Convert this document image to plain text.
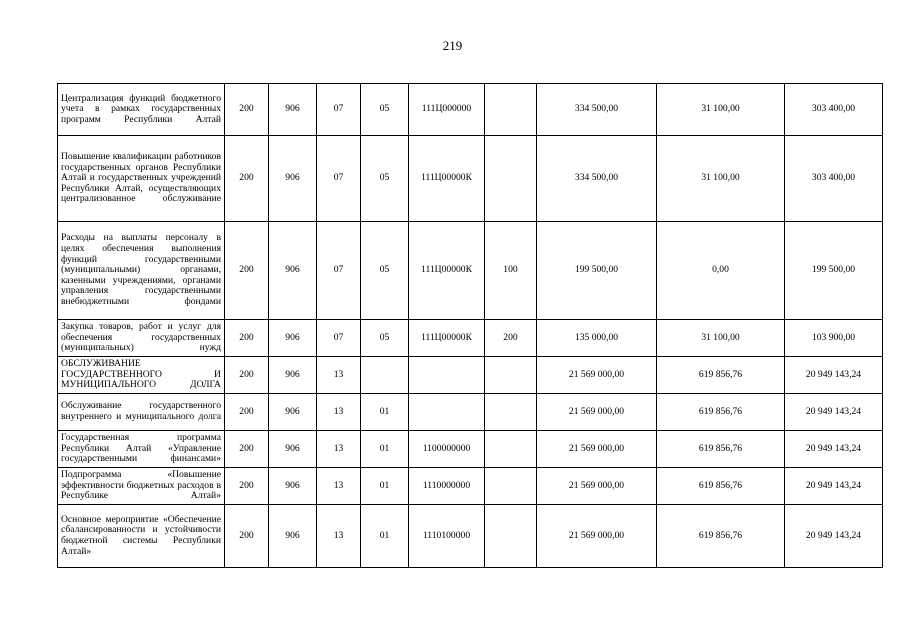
219
Централизация функций бюджетного учета в рамках государственных программ Республики Алтай	200	906	07	05	111Ц000000		334 500,00	31 100,00	303 400,00
Повышение квалификации работников государственных органов Республики Алтай и государственных учреждений Республики Алтай, осуществляющих централизованное обслуживание	200	906	07	05	111Ц00000К		334 500,00	31 100,00	303 400,00
Расходы на выплаты персоналу в целях обеспечения выполнения функций государственными (муниципальными) органами, казенными учреждениями, органами управления государственными внебюджетными фондами	200	906	07	05	111Ц00000К	100	199 500,00	0,00	199 500,00
Закупка товаров, работ и услуг для обеспечения государственных (муниципальных) нужд	200	906	07	05	111Ц00000К	200	135 000,00	31 100,00	103 900,00
ОБСЛУЖИВАНИЕ ГОСУДАРСТВЕННОГО И МУНИЦИПАЛЬНОГО ДОЛГА	200	906	13				21 569 000,00	619 856,76	20 949 143,24
Обслуживание государственного внутреннего и муниципального долга	200	906	13	01			21 569 000,00	619 856,76	20 949 143,24
Государственная программа Республики Алтай «Управление государственными финансами»	200	906	13	01	1100000000		21 569 000,00	619 856,76	20 949 143,24
Подпрограмма «Повышение эффективности бюджетных расходов в Республике Алтай»	200	906	13	01	1110000000		21 569 000,00	619 856,76	20 949 143,24
Основное мероприятие «Обеспечение сбалансированности и устойчивости бюджетной системы Республики Алтай»	200	906	13	01	1110100000		21 569 000,00	619 856,76	20 949 143,24
